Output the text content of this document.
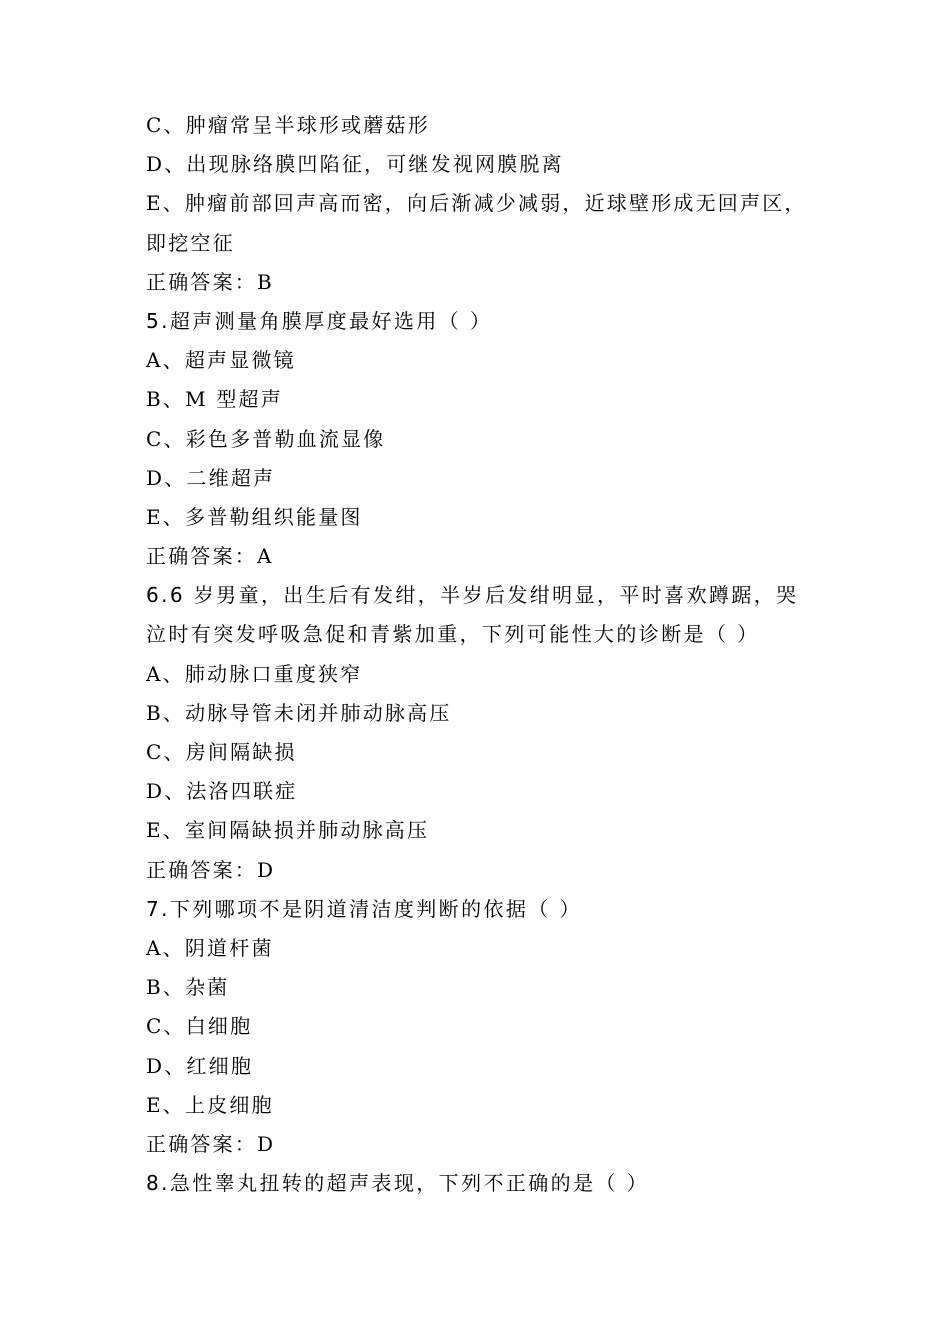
C、肿瘤常呈半球形或蘑菇形
D、出现脉络膜凹陷征，可继发视网膜脱离
E、肿瘤前部回声高而密，向后渐减少减弱，近球壁形成无回声区，
即挖空征
正确答案：B
5.超声测量角膜厚度最好选用（ ）
A、超声显微镜
B、M 型超声
C、彩色多普勒血流显像
D、二维超声
E、多普勒组织能量图
正确答案：A
6.6 岁男童，出生后有发绀，半岁后发绀明显，平时喜欢蹲踞，哭
泣时有突发呼吸急促和青紫加重，下列可能性大的诊断是（ ）
A、肺动脉口重度狭窄
B、动脉导管未闭并肺动脉高压
C、房间隔缺损
D、法洛四联症
E、室间隔缺损并肺动脉高压
正确答案：D
7.下列哪项不是阴道清洁度判断的依据（ ）
A、阴道杆菌
B、杂菌
C、白细胞
D、红细胞
E、上皮细胞
正确答案：D
8.急性睾丸扭转的超声表现，下列不正确的是（ ）
